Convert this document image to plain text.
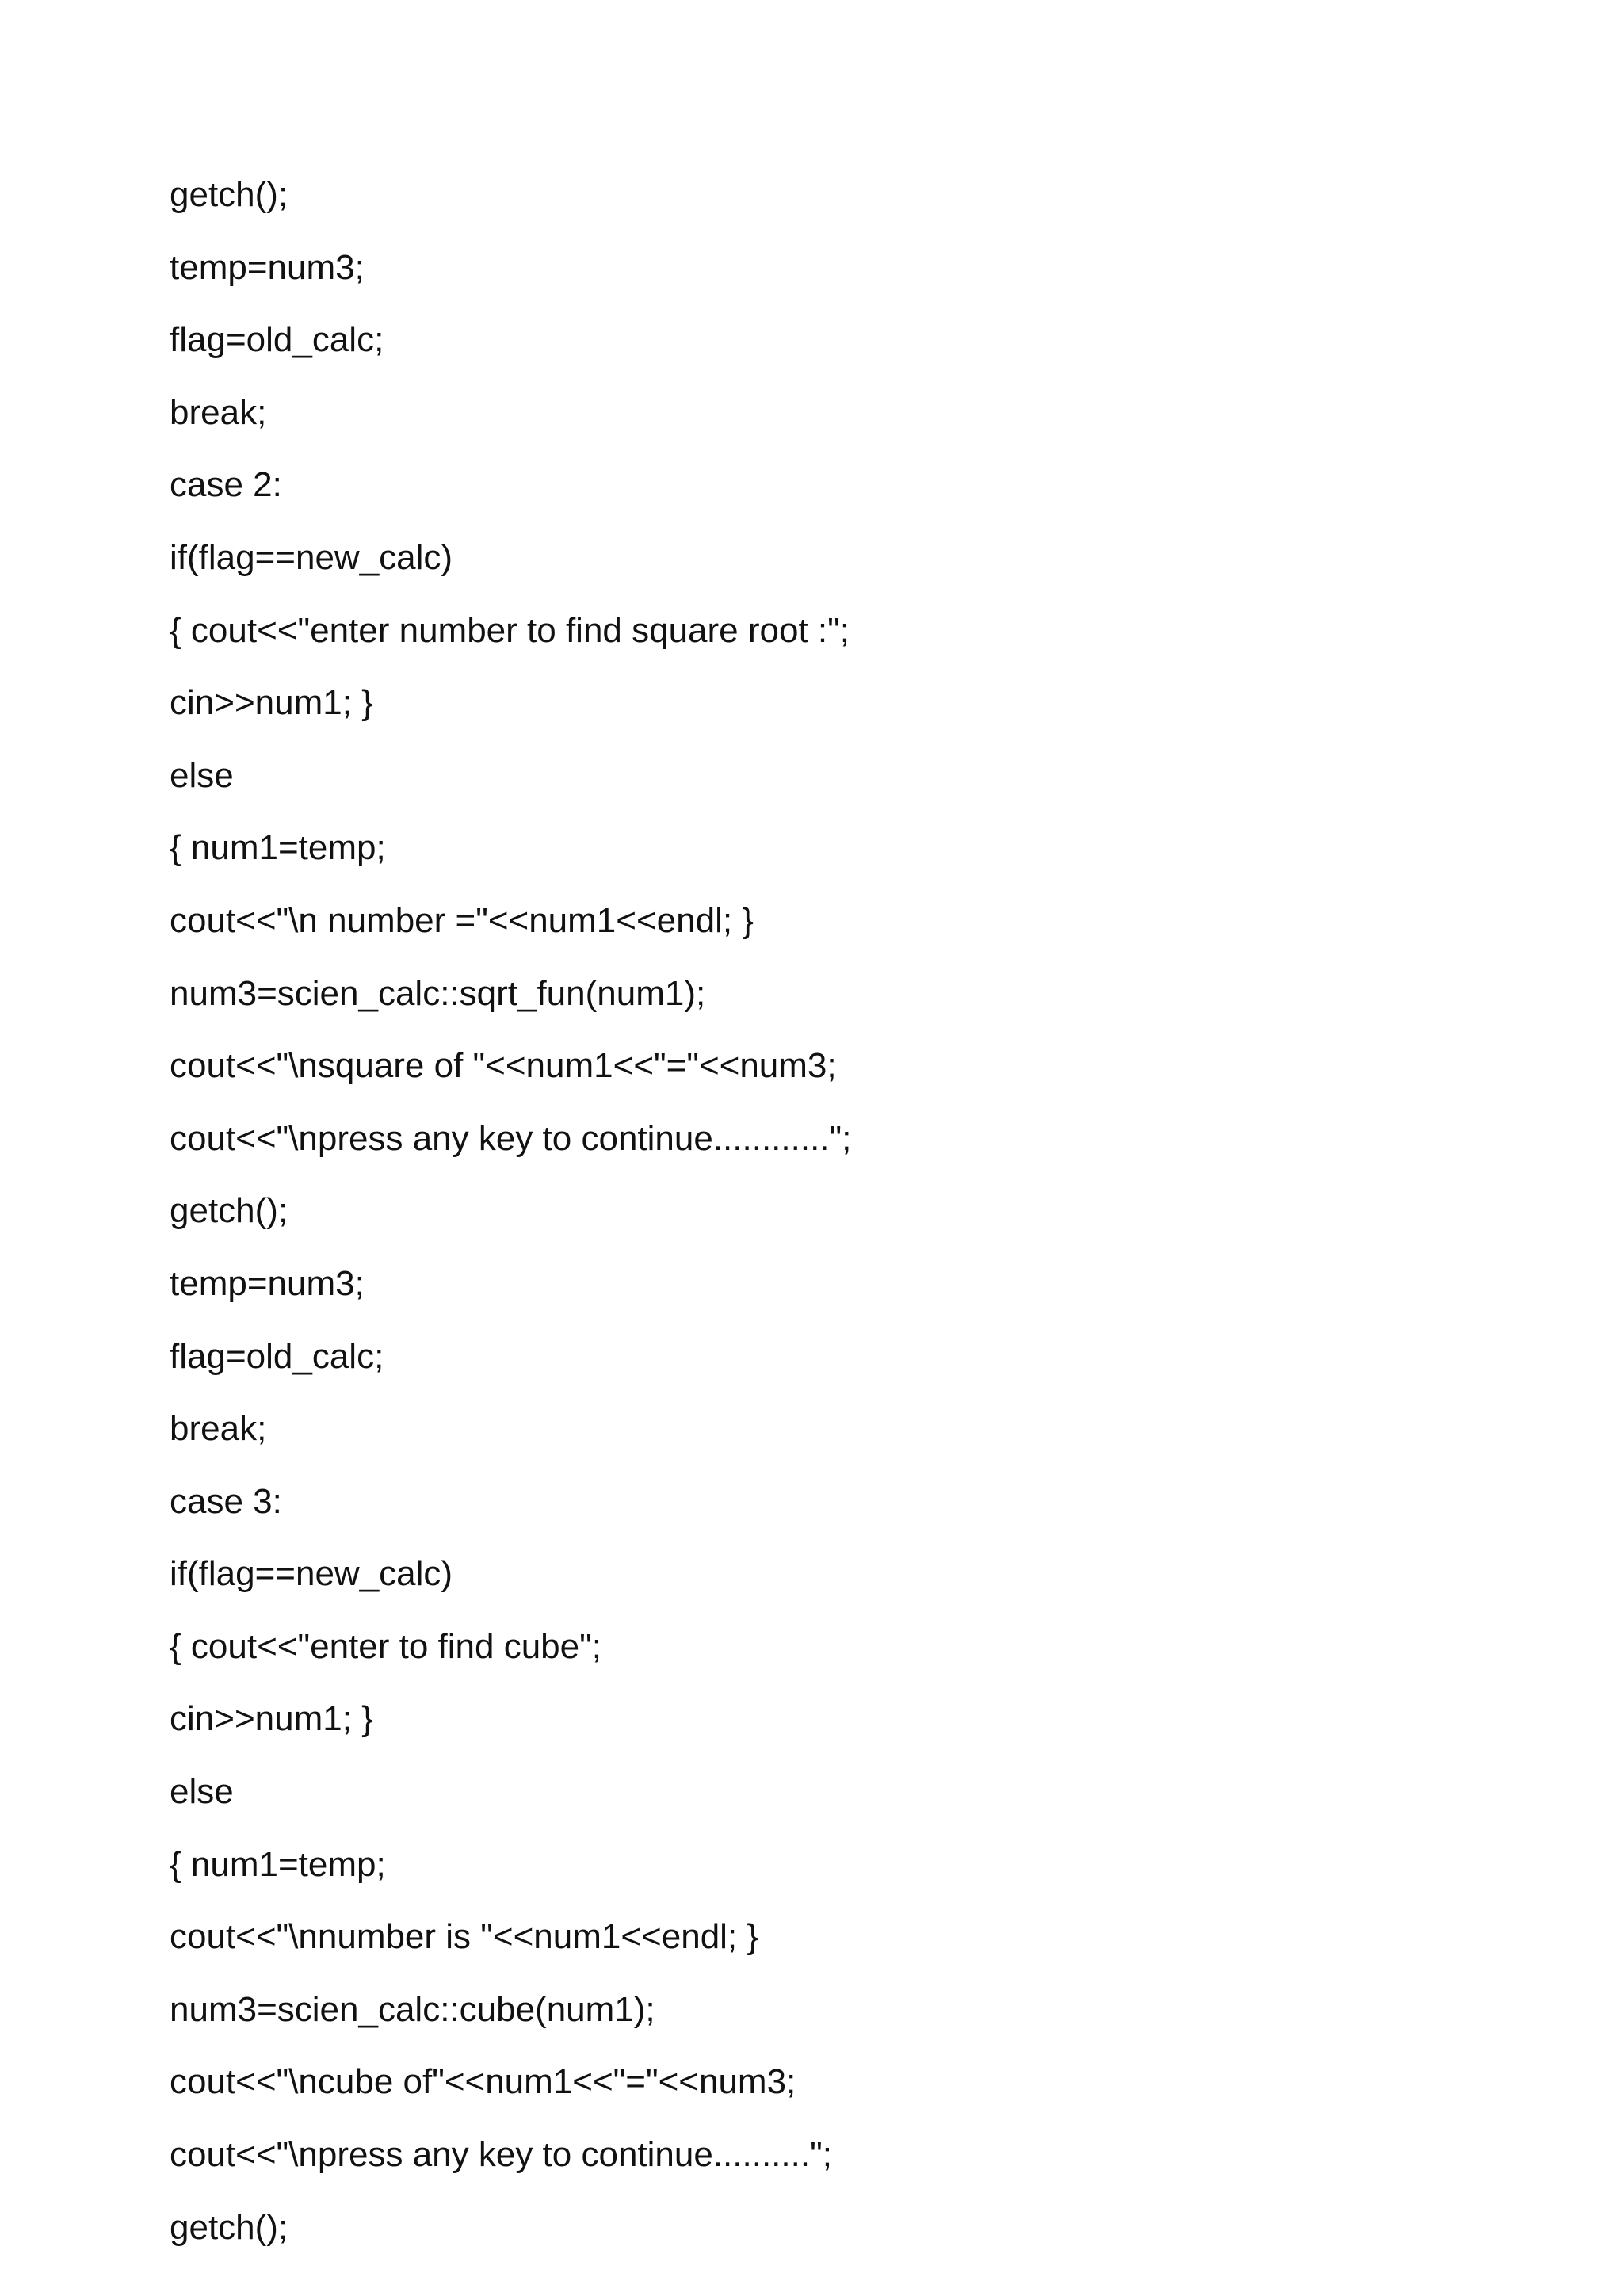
getch();
temp=num3;
flag=old_calc;
break;
case 2:
if(flag==new_calc)
{ cout<<"enter number to find square root :";
cin>>num1; }
else
{ num1=temp;
cout<<"\n number ="<<num1<<endl; }
num3=scien_calc::sqrt_fun(num1);
cout<<"\nsquare of "<<num1<<"="<<num3;
cout<<"\npress any key to continue............";
getch();
temp=num3;
flag=old_calc;
break;
case 3:
if(flag==new_calc)
{ cout<<"enter to find cube";
cin>>num1; }
else
{ num1=temp;
cout<<"\nnumber is "<<num1<<endl; }
num3=scien_calc::cube(num1);
cout<<"\ncube of"<<num1<<"="<<num3;
cout<<"\npress any key to continue..........";
getch();
